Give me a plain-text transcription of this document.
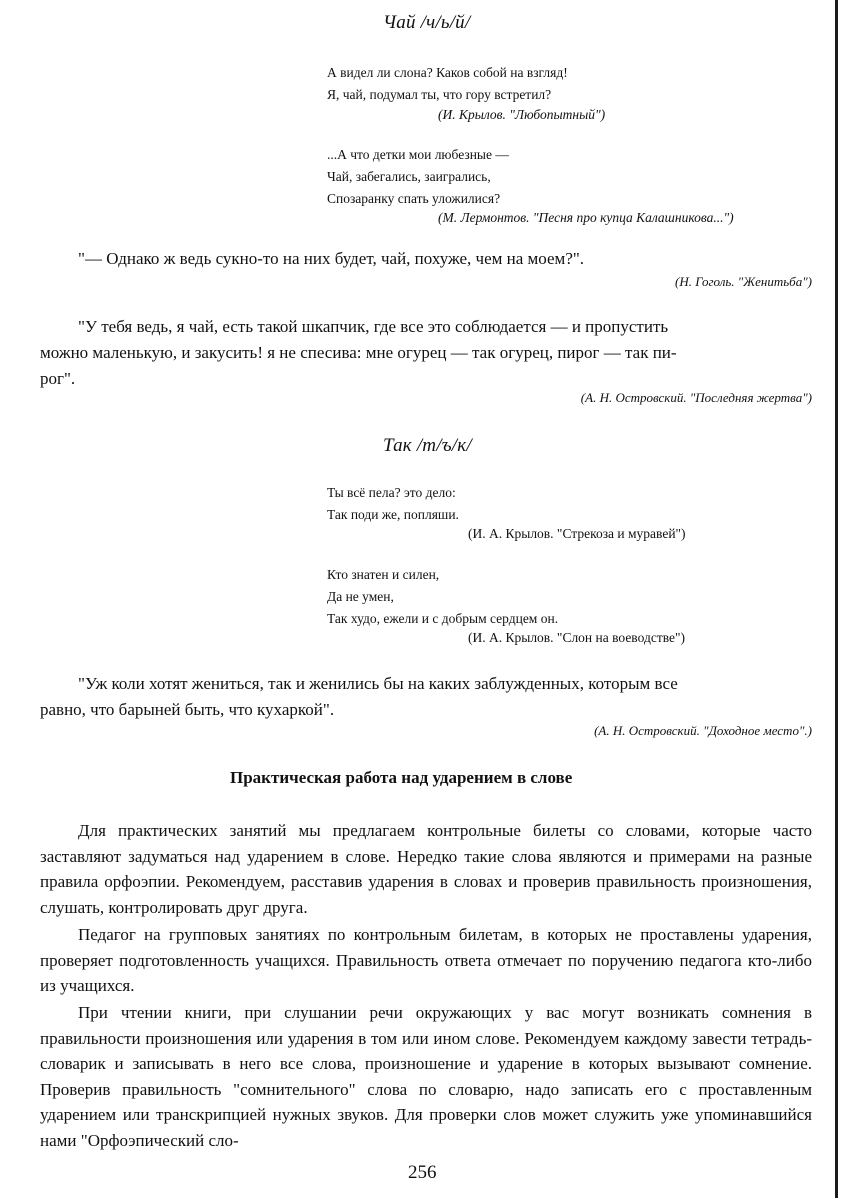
Чай /ч/ь/й/
А видел ли слона? Каков собой на взгляд!
Я, чай, подумал ты, что гору встретил?
(И. Крылов. "Любопытный")
...А что детки мои любезные —
Чай, забегались, заигрались,
Спозаранку спать уложилися?
(М. Лермонтов. "Песня про купца Калашникова...")
"— Однако ж ведь сукно-то на них будет, чай, похуже, чем на моем?".
(Н. Гоголь. "Женитьба")
"У тебя ведь, я чай, есть такой шкапчик, где все это соблюдается — и пропустить
можно маленькую, и закусить! я не спесива: мне огурец — так огурец, пирог — так пи-
рог".
(А. Н. Островский. "Последняя жертва")
Так /т/ъ/к/
Ты всё пела? это дело:
Так поди же, попляши.
(И. А. Крылов. "Стрекоза и муравей")
Кто знатен и силен,
Да не умен,
Так худо, ежели и с добрым сердцем он.
(И. А. Крылов. "Слон на воеводстве")
"Уж коли хотят жениться, так и женились бы на каких заблужденных, которым все
равно, что барыней быть, что кухаркой".
(А. Н. Островский. "Доходное место".)
Практическая работа над ударением в слове

Для практических занятий мы предлагаем контрольные билеты со словами, которые часто заставляют задуматься над ударением в слове. Нередко такие слова являются и примерами на разные правила орфоэпии. Рекомендуем, расставив ударения в словах и проверив правильность произношения, слушать, контролировать друг друга.

Педагог на групповых занятиях по контрольным билетам, в которых не проставлены ударения, проверяет подготовленность учащихся. Правильность ответа отмечает по поручению педагога кто-либо из учащихся.

При чтении книги, при слушании речи окружающих у вас могут возникать сомнения в правильности произношения или ударения в том или ином слове. Рекомендуем каждому завести тетрадь-словарик и записывать в него все слова, произношение и ударение в которых вызывают сомнение. Проверив правильность "сомнительного" слова по словарю, надо записать его с проставленным ударением или транскрипцией нужных звуков. Для проверки слов может служить уже упоминавшийся нами "Орфоэпический сло-

256
